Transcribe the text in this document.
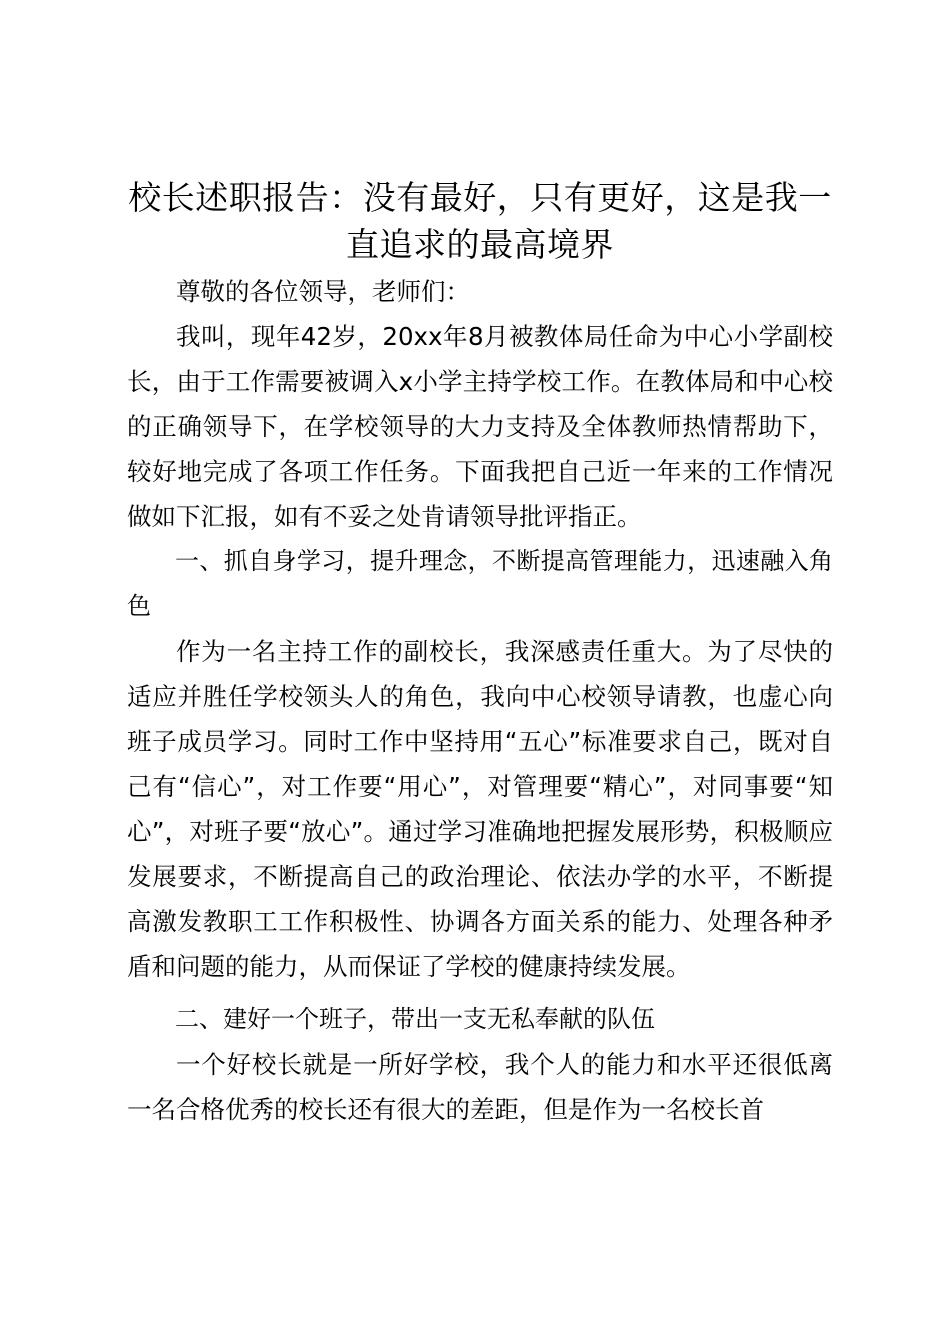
校长述职报告：没有最好，只有更好，这是我一直追求的最高境界

尊敬的各位领导，老师们：

我叫，现年42岁，20xx年8月被教体局任命为中心小学副校长，由于工作需要被调入x小学主持学校工作。在教体局和中心校的正确领导下，在学校领导的大力支持及全体教师热情帮助下，较好地完成了各项工作任务。下面我把自己近一年来的工作情况做如下汇报，如有不妥之处肯请领导批评指正。

一、抓自身学习，提升理念，不断提高管理能力，迅速融入角色

作为一名主持工作的副校长，我深感责任重大。为了尽快的适应并胜任学校领头人的角色，我向中心校领导请教，也虚心向班子成员学习。同时工作中坚持用“五心”标准要求自己，既对自己有“信心”，对工作要“用心”，对管理要“精心”，对同事要“知心”，对班子要“放心”。通过学习准确地把握发展形势，积极顺应发展要求，不断提高自己的政治理论、依法办学的水平，不断提高激发教职工工作积极性、协调各方面关系的能力、处理各种矛盾和问题的能力，从而保证了学校的健康持续发展。

二、建好一个班子，带出一支无私奉献的队伍

一个好校长就是一所好学校，我个人的能力和水平还很低离一名合格优秀的校长还有很大的差距，但是作为一名校长首
